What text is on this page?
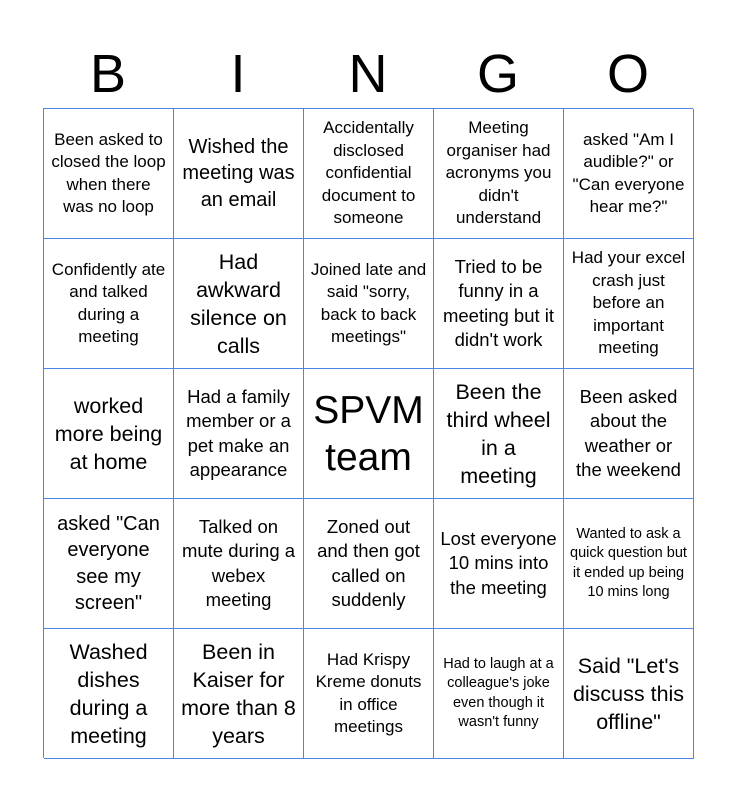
B	I	N	G	O
Been asked to closed the loop when there was no loop
Wished the meeting was an email
Accidentally disclosed confidential document to someone
Meeting organiser had acronyms you didn't understand
asked "Am I audible?" or "Can everyone hear me?"
Confidently ate and talked during a meeting
Had awkward silence on calls
Joined late and said "sorry, back to back meetings"
Tried to be funny in a meeting but it didn't work
Had your excel crash just before an important meeting
worked more being at home
Had a family member or a pet make an appearance
SPVM team
Been the third wheel in a meeting
Been asked about the weather or the weekend
asked "Can everyone see my screen"
Talked on mute during a webex meeting
Zoned out and then got called on suddenly
Lost everyone 10 mins into the meeting
Wanted to ask a quick question but it ended up being 10 mins long
Washed dishes during a meeting
Been in Kaiser for more than 8 years
Had Krispy Kreme donuts in office meetings
Had to laugh at a colleague's joke even though it wasn't funny
Said "Let's discuss this offline"
